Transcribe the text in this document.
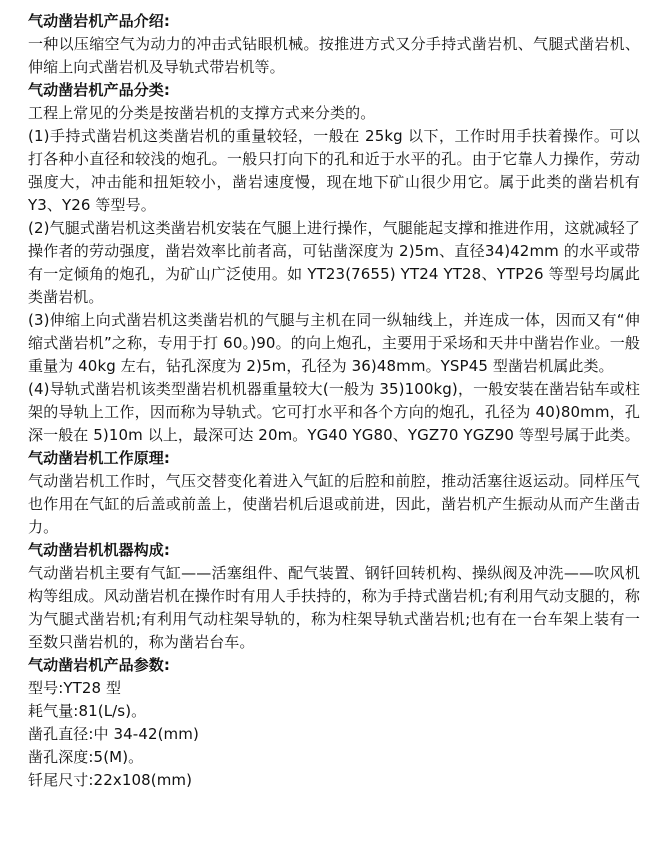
气动凿岩机产品介绍:

一种以压缩空气为动力的冲击式钻眼机械。按推进方式又分手持式凿岩机、气腿式凿岩机、伸缩上向式凿岩机及导轨式带岩机等。

气动凿岩机产品分类:

工程上常见的分类是按凿岩机的支撑方式来分类的。

(1)手持式凿岩机这类凿岩机的重量较轻，一般在 25kg 以下，工作时用手扶着操作。可以打各种小直径和较浅的炮孔。一般只打向下的孔和近于水平的孔。由于它靠人力操作，劳动强度大，冲击能和扭矩较小，凿岩速度慢，现在地下矿山很少用它。属于此类的凿岩机有 Y3、Y26 等型号。

(2)气腿式凿岩机这类凿岩机安装在气腿上进行操作，气腿能起支撑和推进作用，这就减轻了操作者的劳动强度，凿岩效率比前者高，可钻凿深度为 2)5m、直径34)42mm 的水平或带有一定倾角的炮孔，为矿山广泛使用。如 YT23(7655) YT24 YT28、YTP26 等型号均属此类凿岩机。

(3)伸缩上向式凿岩机这类凿岩机的气腿与主机在同一纵轴线上，并连成一体，因而又有“伸缩式凿岩机”之称，专用于打 60。)90。的向上炮孔，主要用于采场和天井中凿岩作业。一般重量为 40kg 左右，钻孔深度为 2)5m，孔径为 36)48mm。YSP45 型凿岩机属此类。

(4)导轨式凿岩机该类型凿岩机机器重量较大(一般为 35)100kg)，一般安装在凿岩钻车或柱架的导轨上工作，因而称为导轨式。它可打水平和各个方向的炮孔，孔径为 40)80mm，孔深一般在 5)10m 以上，最深可达 20m。YG40 YG80、YGZ70 YGZ90 等型号属于此类。

气动凿岩机工作原理:

气动凿岩机工作时，气压交替变化着进入气缸的后腔和前腔，推动活塞往返运动。同样压气也作用在气缸的后盖或前盖上，使凿岩机后退或前进，因此，凿岩机产生振动从而产生凿击力。

气动凿岩机机器构成:

气动凿岩机主要有气缸——活塞组件、配气装置、钢钎回转机构、操纵阀及冲洗——吹风机构等组成。风动凿岩机在操作时有用人手扶持的，称为手持式凿岩机;有利用气动支腿的，称为气腿式凿岩机;有利用气动柱架导轨的，称为柱架导轨式凿岩机;也有在一台车架上装有一至数只凿岩机的，称为凿岩台车。

气动凿岩机产品参数:

型号:YT28 型

耗气量:81(L/s)。

凿孔直径:中 34-42(mm)

凿孔深度:5(M)。

钎尾尺寸:22x108(mm)
